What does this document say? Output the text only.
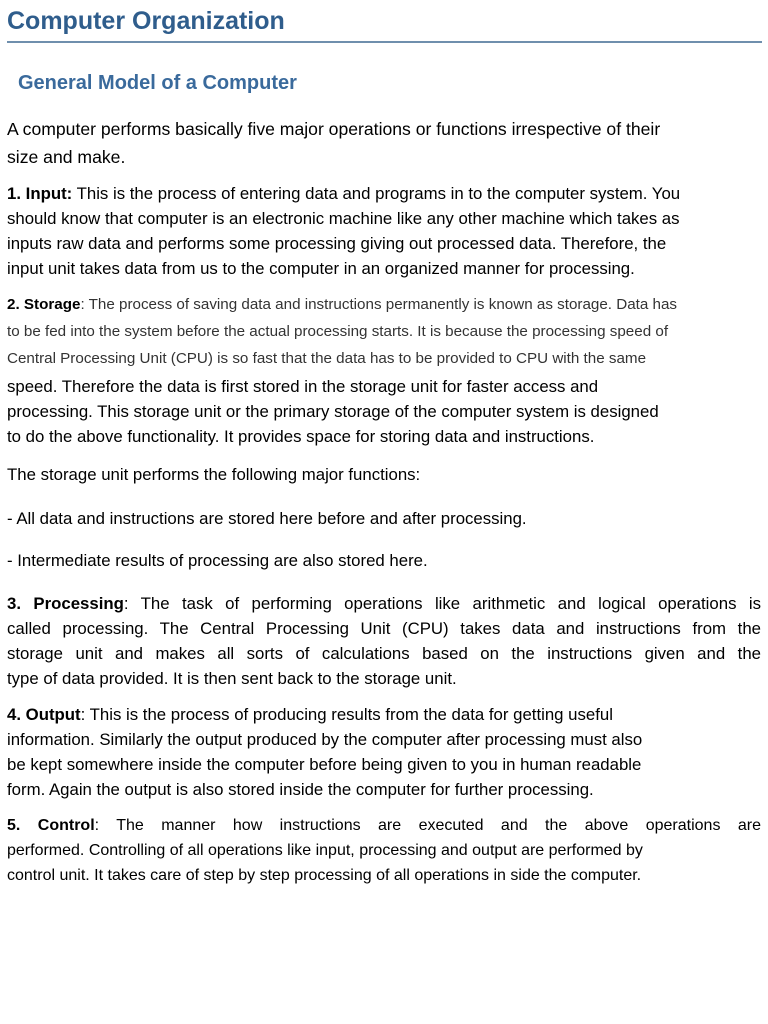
Computer Organization
General Model of a Computer

A computer performs basically five major operations or functions irrespective of their
size and make.

1. Input: This is the process of entering data and programs in to the computer system. You
should know that computer is an electronic machine like any other machine which takes as
inputs raw data and performs some processing giving out processed data. Therefore, the
input unit takes data from us to the computer in an organized manner for processing.

2. Storage: The process of saving data and instructions permanently is known as storage. Data has
to be fed into the system before the actual processing starts. It is because the processing speed of
Central Processing Unit (CPU) is so fast that the data has to be provided to CPU with the same

speed. Therefore the data is first stored in the storage unit for faster access and
processing. This storage unit or the primary storage of the computer system is designed
to do the above functionality. It provides space for storing data and instructions.

The storage unit performs the following major functions:

- All data and instructions are stored here before and after processing.

- Intermediate results of processing are also stored here.

3. Processing: The task of performing operations like arithmetic and logical operations is
called processing. The Central Processing Unit (CPU) takes data and instructions from the
storage unit and makes all sorts of calculations based on the instructions given and the
type of data provided. It is then sent back to the storage unit.

4. Output: This is the process of producing results from the data for getting useful
information. Similarly the output produced by the computer after processing must also
be kept somewhere inside the computer before being given to you in human readable
form. Again the output is also stored inside the computer for further processing.

5. Control: The manner how instructions are executed and the above operations are
performed. Controlling of all operations like input, processing and output are performed by
control unit. It takes care of step by step processing of all operations in side the computer.
